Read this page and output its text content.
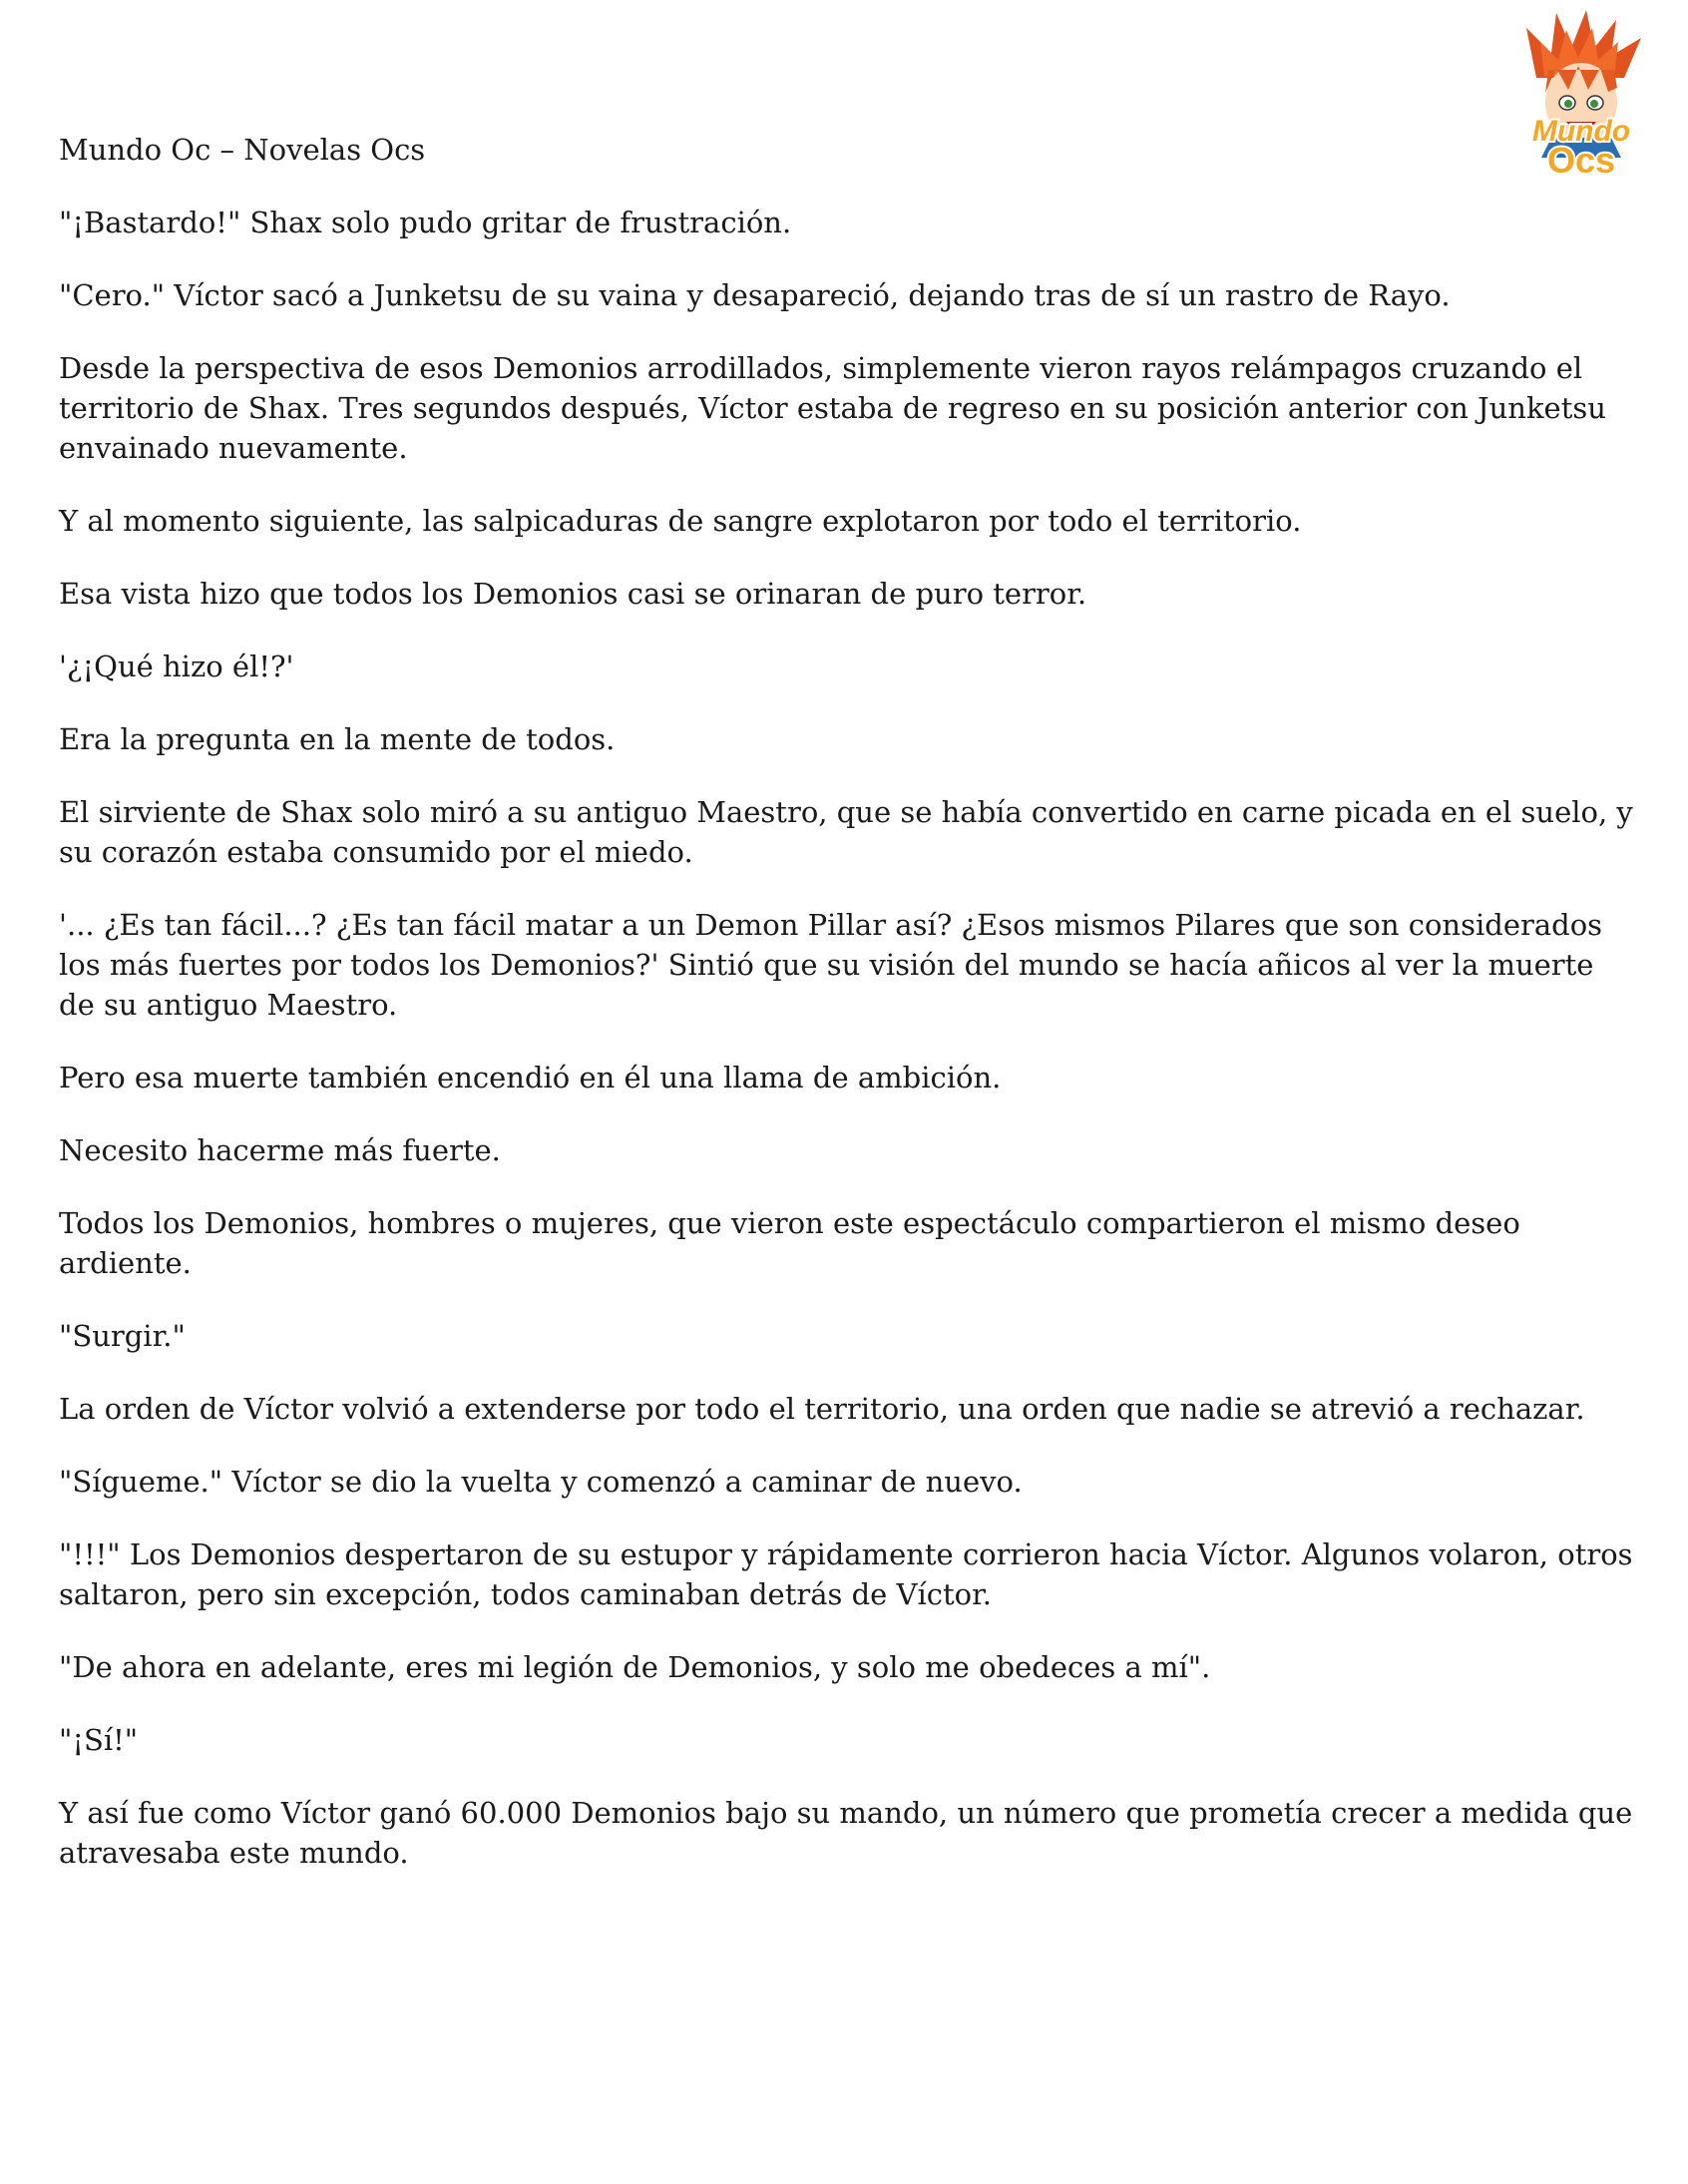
Mundo
Ocs

Mundo Oc – Novelas Ocs

"¡Bastardo!" Shax solo pudo gritar de frustración.

"Cero." Víctor sacó a Junketsu de su vaina y desapareció, dejando tras de sí un rastro de Rayo.

Desde la perspectiva de esos Demonios arrodillados, simplemente vieron rayos relámpagos cruzando el territorio de Shax. Tres segundos después, Víctor estaba de regreso en su posición anterior con Junketsu envainado nuevamente.

Y al momento siguiente, las salpicaduras de sangre explotaron por todo el territorio.

Esa vista hizo que todos los Demonios casi se orinaran de puro terror.

'¿¡Qué hizo él!?'

Era la pregunta en la mente de todos.

El sirviente de Shax solo miró a su antiguo Maestro, que se había convertido en carne picada en el suelo, y su corazón estaba consumido por el miedo.

'... ¿Es tan fácil...? ¿Es tan fácil matar a un Demon Pillar así? ¿Esos mismos Pilares que son considerados los más fuertes por todos los Demonios?' Sintió que su visión del mundo se hacía añicos al ver la muerte de su antiguo Maestro.

Pero esa muerte también encendió en él una llama de ambición.

Necesito hacerme más fuerte.

Todos los Demonios, hombres o mujeres, que vieron este espectáculo compartieron el mismo deseo ardiente.

"Surgir."

La orden de Víctor volvió a extenderse por todo el territorio, una orden que nadie se atrevió a rechazar.

"Sígueme." Víctor se dio la vuelta y comenzó a caminar de nuevo.

"!!!" Los Demonios despertaron de su estupor y rápidamente corrieron hacia Víctor. Algunos volaron, otros saltaron, pero sin excepción, todos caminaban detrás de Víctor.

"De ahora en adelante, eres mi legión de Demonios, y solo me obedeces a mí".

"¡Sí!"

Y así fue como Víctor ganó 60.000 Demonios bajo su mando, un número que prometía crecer a medida que atravesaba este mundo.
